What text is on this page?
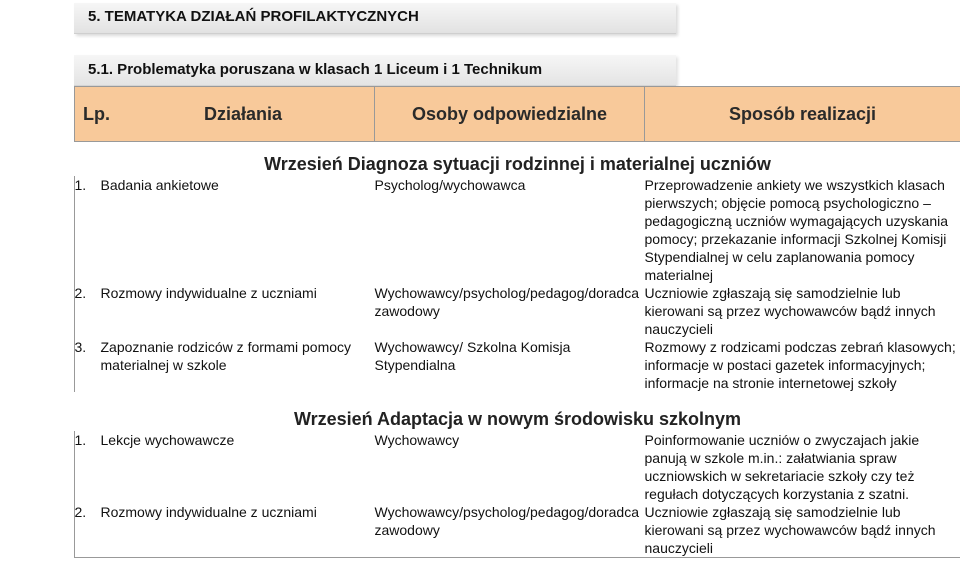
5. TEMATYKA DZIAŁAŃ PROFILAKTYCZNYCH
5.1. Problematyka poruszana w klasach 1 Liceum i 1 Technikum
	Lp. Działania	Osoby odpowiedzialne	Sposób realizacji
	Wrzesień Diagnoza sytuacji rodzinnej i materialnej uczniów		

	1. Badania ankietowe	Psycholog/wychowawca	Przeprowadzenie ankiety we wszystkich klasach pierwszych; objęcie pomocą psychologiczno – pedagogiczną uczniów wymagających uzyskania pomocy; przekazanie informacji Szkolnej Komisji Stypendialnej w celu zaplanowania pomocy materialnej

	2. Rozmowy indywidualne z uczniami	Wychowawcy/psycholog/pedagog/doradca zawodowy	Uczniowie zgłaszają się samodzielnie lub kierowani są przez wychowawców bądź innych nauczycieli

	3. Zapoznanie rodziców z formami pomocy materialnej w szkole	Wychowawcy/ Szkolna Komisja Stypendialna	Rozmowy z rodzicami podczas zebrań klasowych; informacje w postaci gazetek informacyjnych; informacje na stronie internetowej szkoły
	Wrzesień Adaptacja w nowym środowisku szkolnym		

	1. Lekcje wychowawcze	Wychowawcy	Poinformowanie uczniów o zwyczajach jakie panują w szkole m.in.: załatwiania spraw uczniowskich w sekretariacie szkoły czy też regułach dotyczących korzystania z szatni.

	2. Rozmowy indywidualne z uczniami	Wychowawcy/psycholog/pedagog/doradca zawodowy	Uczniowie zgłaszają się samodzielnie lub kierowani są przez wychowawców bądź innych nauczycieli
